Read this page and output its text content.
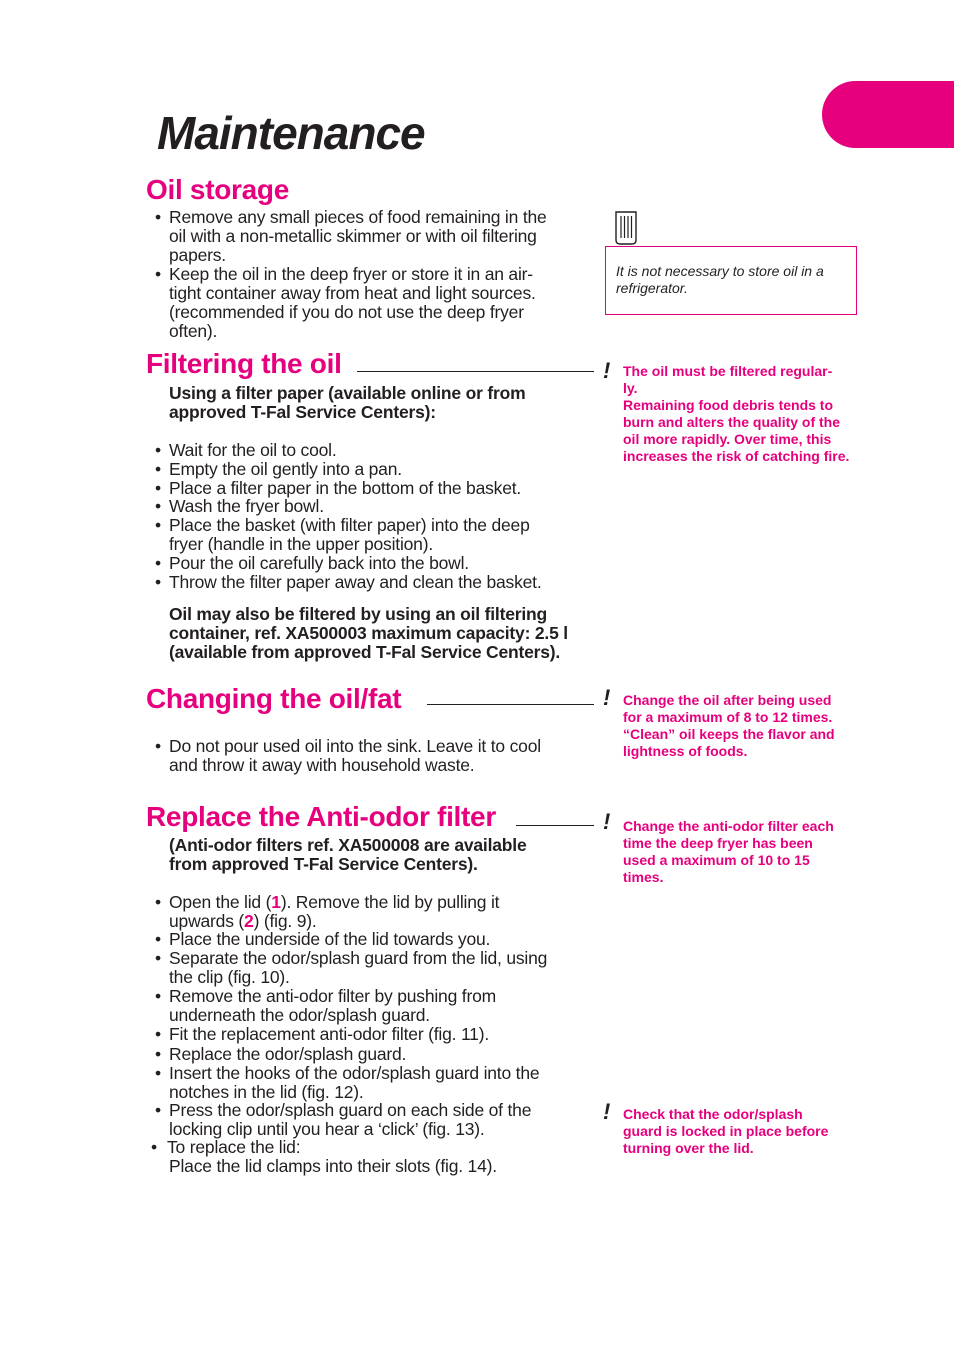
Maintenance
Oil storage
• Remove any small pieces of food remaining in the
oil with a non-metallic skimmer or with oil filtering
papers.
• Keep the oil in the deep fryer or store it in an air-
tight container away from heat and light sources.
(recommended if you do not use the deep fryer
often).
It is not necessary to store oil in a refrigerator.
Filtering the oil
Using a filter paper (available online or from
approved T-Fal Service Centers):
• Wait for the oil to cool.
• Empty the oil gently into a pan.
• Place a filter paper in the bottom of the basket.
• Wash the fryer bowl.
• Place the basket (with filter paper) into the deep
fryer (handle in the upper position).
• Pour the oil carefully back into the bowl.
• Throw the filter paper away and clean the basket.
Oil may also be filtered by using an oil filtering
container, ref. XA500003 maximum capacity: 2.5 l
(available from approved T-Fal Service Centers).
! The oil must be filtered regular-
ly.
Remaining food debris tends to
burn and alters the quality of the
oil more rapidly. Over time, this
increases the risk of catching fire.
Changing the oil/fat
• Do not pour used oil into the sink. Leave it to cool
and throw it away with household waste.
! Change the oil after being used
for a maximum of 8 to 12 times.
“Clean” oil keeps the flavor and
lightness of foods.
Replace the Anti-odor filter
(Anti-odor filters ref. XA500008 are available
from approved T-Fal Service Centers).
• Open the lid (1). Remove the lid by pulling it
upwards (2) (fig. 9).
• Place the underside of the lid towards you.
• Separate the odor/splash guard from the lid, using
the clip (fig. 10).
• Remove the anti-odor filter by pushing from
underneath the odor/splash guard.
• Fit the replacement anti-odor filter (fig. 11).
• Replace the odor/splash guard.
• Insert the hooks of the odor/splash guard into the
notches in the lid (fig. 12).
• Press the odor/splash guard on each side of the
locking clip until you hear a ‘click’ (fig. 13).
• To replace the lid:
Place the lid clamps into their slots (fig. 14).
! Change the anti-odor filter each
time the deep fryer has been
used a maximum of 10 to 15
times.
! Check that the odor/splash
guard is locked in place before
turning over the lid.
